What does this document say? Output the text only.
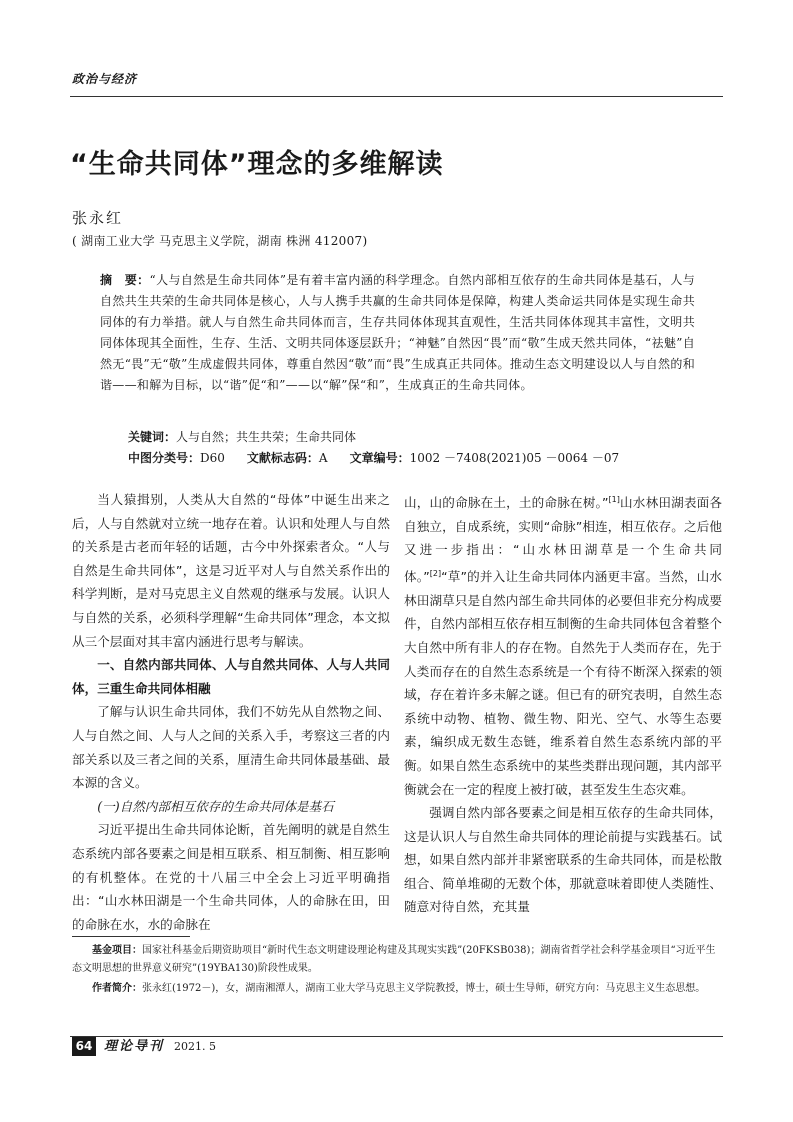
政治与经济
“生命共同体”理念的多维解读
张永红
( 湖南工业大学 马克思主义学院，湖南 株洲 412007)
摘　要：“人与自然是生命共同体”是有着丰富内涵的科学理念。自然内部相互依存的生命共同体是基石，人与自然共生共荣的生命共同体是核心，人与人携手共赢的生命共同体是保障，构建人类命运共同体是实现生命共同体的有力举措。就人与自然生命共同体而言，生存共同体体现其直观性，生活共同体体现其丰富性，文明共同体体现其全面性，生存、生活、文明共同体逐层跃升；“神魅”自然因“畏”而“敬”生成天然共同体，“祛魅”自然无“畏”无“敬”生成虚假共同体，尊重自然因“敬”而“畏”生成真正共同体。推动生态文明建设以人与自然的和谐——和解为目标，以“谐”促“和”——以“解”保“和”，生成真正的生命共同体。
关键词：人与自然；共生共荣；生命共同体
中图分类号：D60 文献标志码：A 文章编号：1002 －7408(2021)05 －0064 －07

当人猿揖别，人类从大自然的“母体”中诞生出来之后，人与自然就对立统一地存在着。认识和处理人与自然的关系是古老而年轻的话题，古今中外探索者众。“人与自然是生命共同体”，这是习近平对人与自然关系作出的科学判断，是对马克思主义自然观的继承与发展。认识人与自然的关系，必须科学理解“生命共同体”理念，本文拟从三个层面对其丰富内涵进行思考与解读。

一、自然内部共同体、人与自然共同体、人与人共同体，三重生命共同体相融

了解与认识生命共同体，我们不妨先从自然物之间、人与自然之间、人与人之间的关系入手，考察这三者的内部关系以及三者之间的关系，厘清生命共同体最基础、最本源的含义。

(一)自然内部相互依存的生命共同体是基石

习近平提出生命共同体论断，首先阐明的就是自然生态系统内部各要素之间是相互联系、相互制衡、相互影响的有机整体。在党的十八届三中全会上习近平明确指出：“山水林田湖是一个生命共同体，人的命脉在田，田的命脉在水，水的命脉在

山，山的命脉在土，土的命脉在树。”[1]山水林田湖表面各自独立，自成系统，实则“命脉”相连，相互依存。之后他又进一步指出：“山水林田湖草是一个生命共同体。”[2]“草”的并入让生命共同体内涵更丰富。当然，山水林田湖草只是自然内部生命共同体的必要但非充分构成要件，自然内部相互依存相互制衡的生命共同体包含着整个大自然中所有非人的存在物。自然先于人类而存在，先于人类而存在的自然生态系统是一个有待不断深入探索的领域，存在着许多未解之谜。但已有的研究表明，自然生态系统中动物、植物、微生物、阳光、空气、水等生态要素，编织成无数生态链，维系着自然生态系统内部的平衡。如果自然生态系统中的某些类群出现问题，其内部平衡就会在一定的程度上被打破，甚至发生生态灾难。

强调自然内部各要素之间是相互依存的生命共同体，这是认识人与自然生命共同体的理论前提与实践基石。试想，如果自然内部并非紧密联系的生命共同体，而是松散组合、简单堆砌的无数个体，那就意味着即使人类随性、随意对待自然，充其量

基金项目：国家社科基金后期资助项目“新时代生态文明建设理论构建及其现实实践”(20FKSB038)；湖南省哲学社会科学基金项目“习近平生态文明思想的世界意义研究”(19YBA130)阶段性成果。

作者简介：张永红(1972－)，女，湖南湘潭人，湖南工业大学马克思主义学院教授，博士，硕士生导师，研究方向：马克思主义生态思想。

64 理论导刊 2021. 5
